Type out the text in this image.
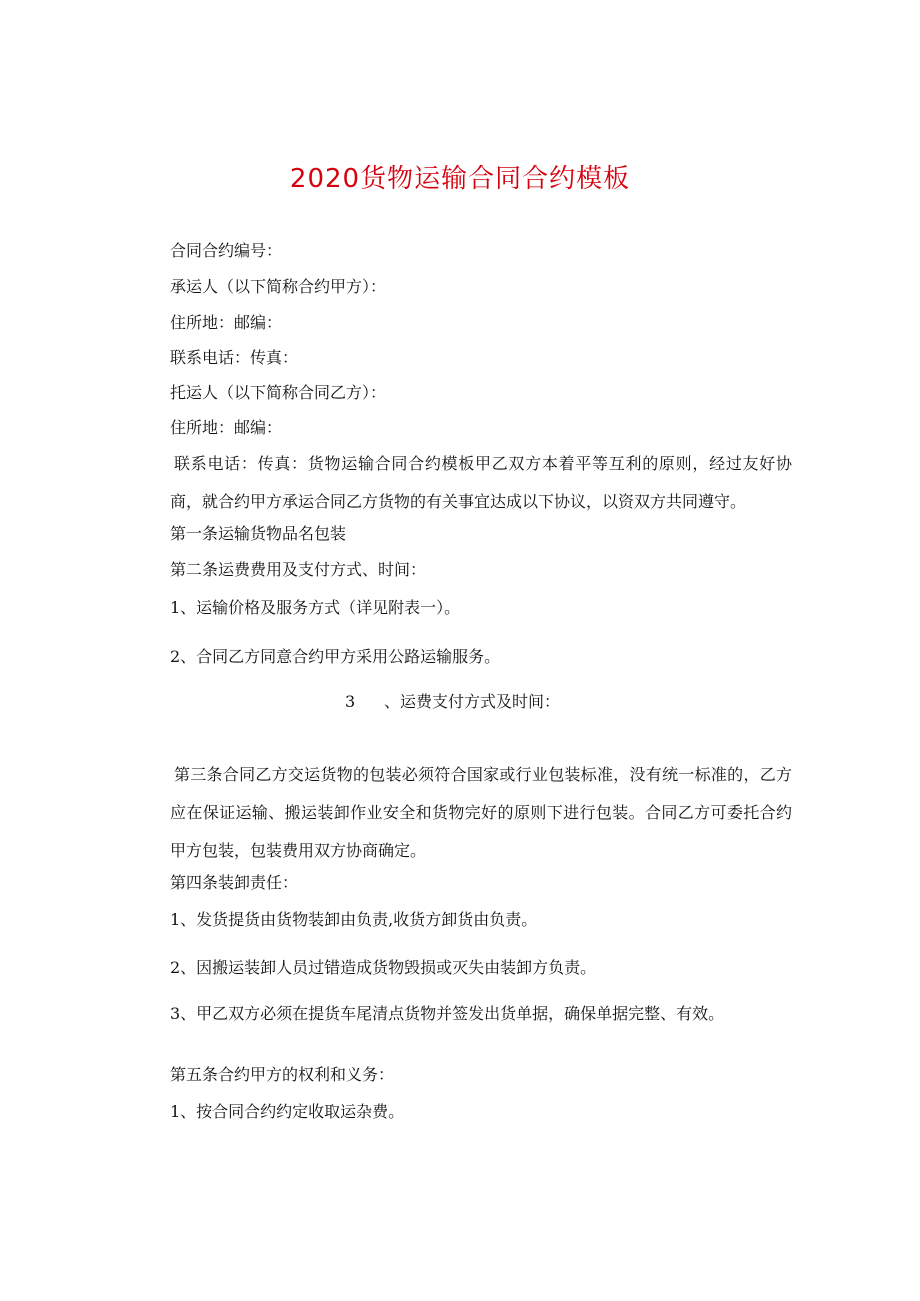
2020货物运输合同合约模板
合同合约编号：
承运人（以下简称合约甲方）：
住所地：邮编：
联系电话：传真：
托运人（以下简称合同乙方）：
住所地：邮编：
联系电话：传真：货物运输合同合约模板甲乙双方本着平等互利的原则，经过友好协商，就合约甲方承运合同乙方货物的有关事宜达成以下协议，以资双方共同遵守。
第一条运输货物品名包装
第二条运费费用及支付方式、时间：
1、运输价格及服务方式（详见附表一）。
2、合同乙方同意合约甲方采用公路运输服务。
3 、运费支付方式及时间：
第三条合同乙方交运货物的包装必须符合国家或行业包装标准，没有统一标准的，乙方应在保证运输、搬运装卸作业安全和货物完好的原则下进行包装。合同乙方可委托合约甲方包装，包装费用双方协商确定。
第四条装卸责任：
1、发货提货由货物装卸由负责,收货方卸货由负责。
2、因搬运装卸人员过错造成货物毁损或灭失由装卸方负责。
3、甲乙双方必须在提货车尾清点货物并签发出货单据，确保单据完整、有效。
第五条合约甲方的权利和义务：
1、按合同合约约定收取运杂费。
